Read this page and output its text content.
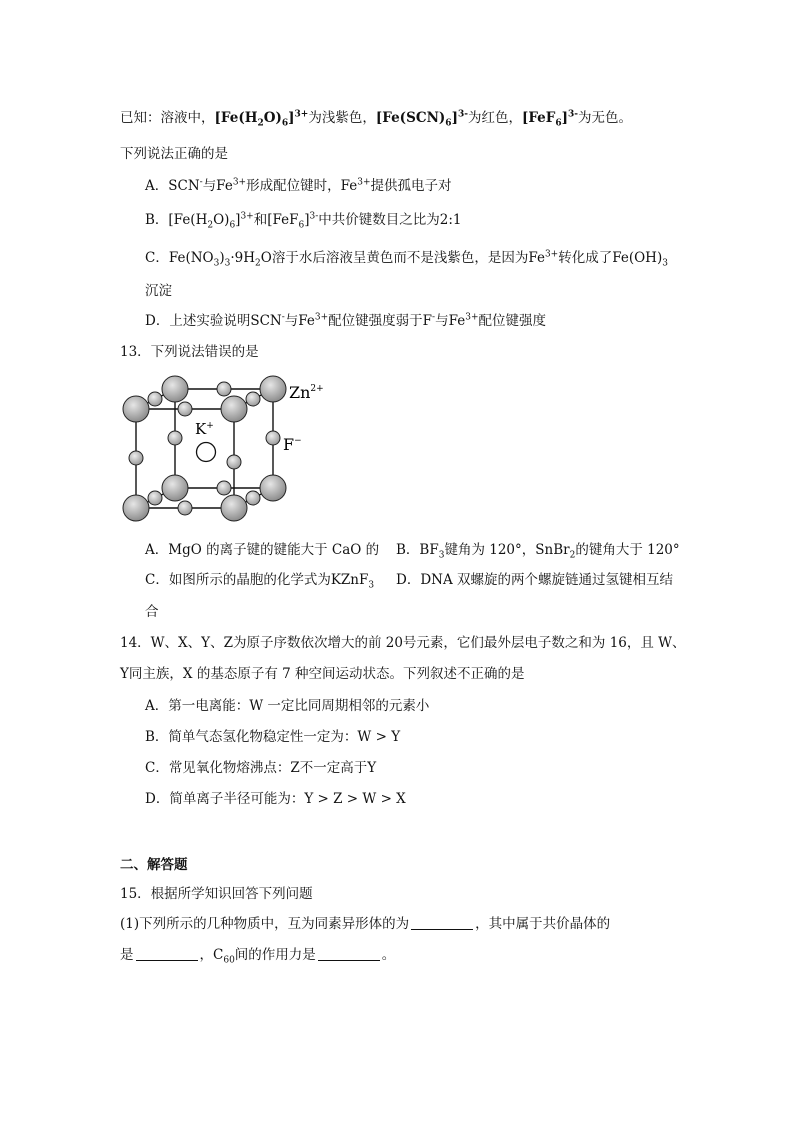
已知：溶液中，$[Fe(H_2O)_6]^{3+}$为浅紫色，$[Fe(SCN)_6]^{3-}$为红色，$[FeF_6]^{3-}$为无色。
下列说法正确的是
A．SCN-与$Fe^{3+}$形成配位键时，$Fe^{3+}$提供孤电子对
B．$[Fe(H_2O)_6]^{3+}$和$[FeF_6]^{3-}$中共价键数目之比为2:1
C．$Fe(NO_3)_3\cdot 9H_2O$溶于水后溶液呈黄色而不是浅紫色，是因为$Fe^{3+}$转化成了$Fe(OH)_3$
沉淀
D．上述实验说明SCN-与$Fe^{3+}$配位键强度弱于F-与$Fe^{3+}$配位键强度
13．下列说法错误的是
K+
$Zn^{2+}$
F−
A．MgO 的离子键的键能大于 CaO 的 B．$BF_3$键角为 120°，SnBr$_2$的键角大于 120°
C．如图所示的晶胞的化学式为KZnF$_3$ D．DNA 双螺旋的两个螺旋链通过氢键相互结
合
14．W、X、Y、Z为原子序数依次增大的前 20号元素，它们最外层电子数之和为 16，且 W、
Y同主族，X 的基态原子有 7 种空间运动状态。下列叙述不正确的是
A．第一电离能：W 一定比同周期相邻的元素小
B．简单气态氢化物稳定性一定为：W > Y
C．常见氧化物熔沸点：Z不一定高于Y
D．简单离子半径可能为：Y > Z > W > X
二、解答题
15．根据所学知识回答下列问题
(1)下列所示的几种物质中，互为同素异形体的为	，其中属于共价晶体的
是	，$C_{60}$间的作用力是	。
